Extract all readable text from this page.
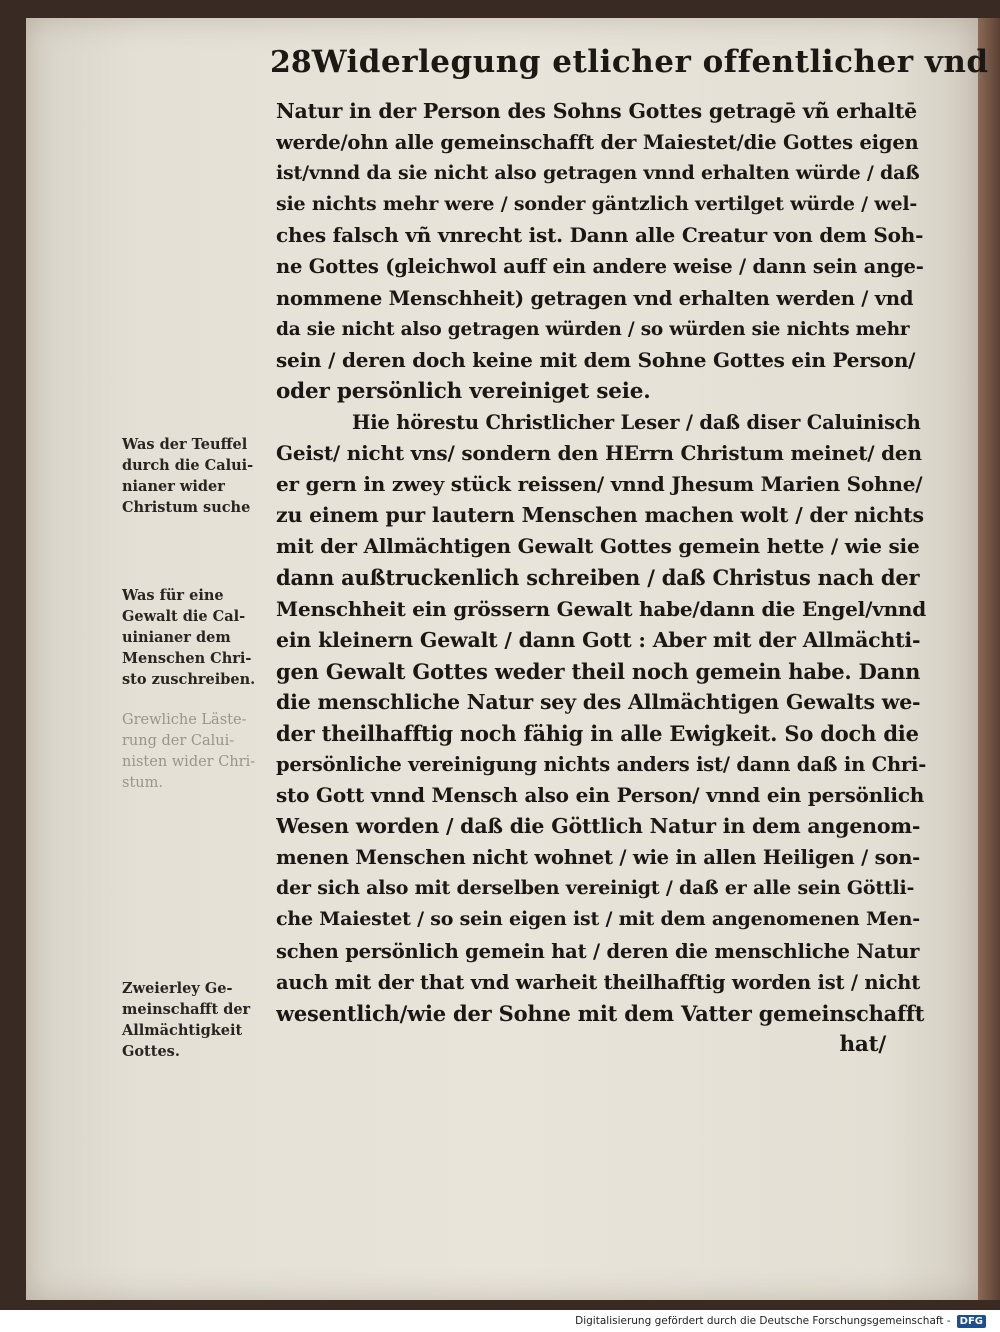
28 Widerlegung etlicher offentlicher vnd
Natur in der Person des Sohns Gottes getragē vñ erhaltē
werde/ohn alle gemeinschafft der Maiestet/die Gottes eigen
ist/vnnd da sie nicht also getragen vnnd erhalten würde / daß
sie nichts mehr were / sonder gäntzlich vertilget würde / wel-
ches falsch vñ vnrecht ist. Dann alle Creatur von dem Soh-
ne Gottes (gleichwol auff ein andere weise / dann sein ange-
nommene Menschheit) getragen vnd erhalten werden / vnd
da sie nicht also getragen würden / so würden sie nichts mehr
sein / deren doch keine mit dem Sohne Gottes ein Person/
oder persönlich vereiniget seie.
Hie hörestu Christlicher Leser / daß diser Caluinisch
Geist/ nicht vns/ sondern den HErrn Christum meinet/ den
er gern in zwey stück reissen/ vnnd Jhesum Marien Sohne/
zu einem pur lautern Menschen machen wolt / der nichts
mit der Allmächtigen Gewalt Gottes gemein hette / wie sie
dann außtruckenlich schreiben / daß Christus nach der
Menschheit ein grössern Gewalt habe/dann die Engel/vnnd
ein kleinern Gewalt / dann Gott : Aber mit der Allmächti-
gen Gewalt Gottes weder theil noch gemein habe. Dann
die menschliche Natur sey des Allmächtigen Gewalts we-
der theilhafftig noch fähig in alle Ewigkeit. So doch die
persönliche vereinigung nichts anders ist/ dann daß in Chri-
sto Gott vnnd Mensch also ein Person/ vnnd ein persönlich
Wesen worden / daß die Göttlich Natur in dem angenom-
menen Menschen nicht wohnet / wie in allen Heiligen / son-
der sich also mit derselben vereinigt / daß er alle sein Göttli-
che Maiestet / so sein eigen ist / mit dem angenomenen Men-
schen persönlich gemein hat / deren die menschliche Natur
auch mit der that vnd warheit theilhafftig worden ist / nicht
wesentlich/wie der Sohne mit dem Vatter gemeinschafft
hat/
Was der Teuffel
durch die Calui-
nianer wider
Christum suche
Was für eine
Gewalt die Cal-
uinianer dem
Menschen Chri-
sto zuschreiben.
Grewliche Läste-
rung der Calui-
nisten wider Chri-
stum.
Zweierley Ge-
meinschafft der
Allmächtigkeit
Gottes.
Digitalisierung gefördert durch die Deutsche Forschungsgemeinschaft - DFG
